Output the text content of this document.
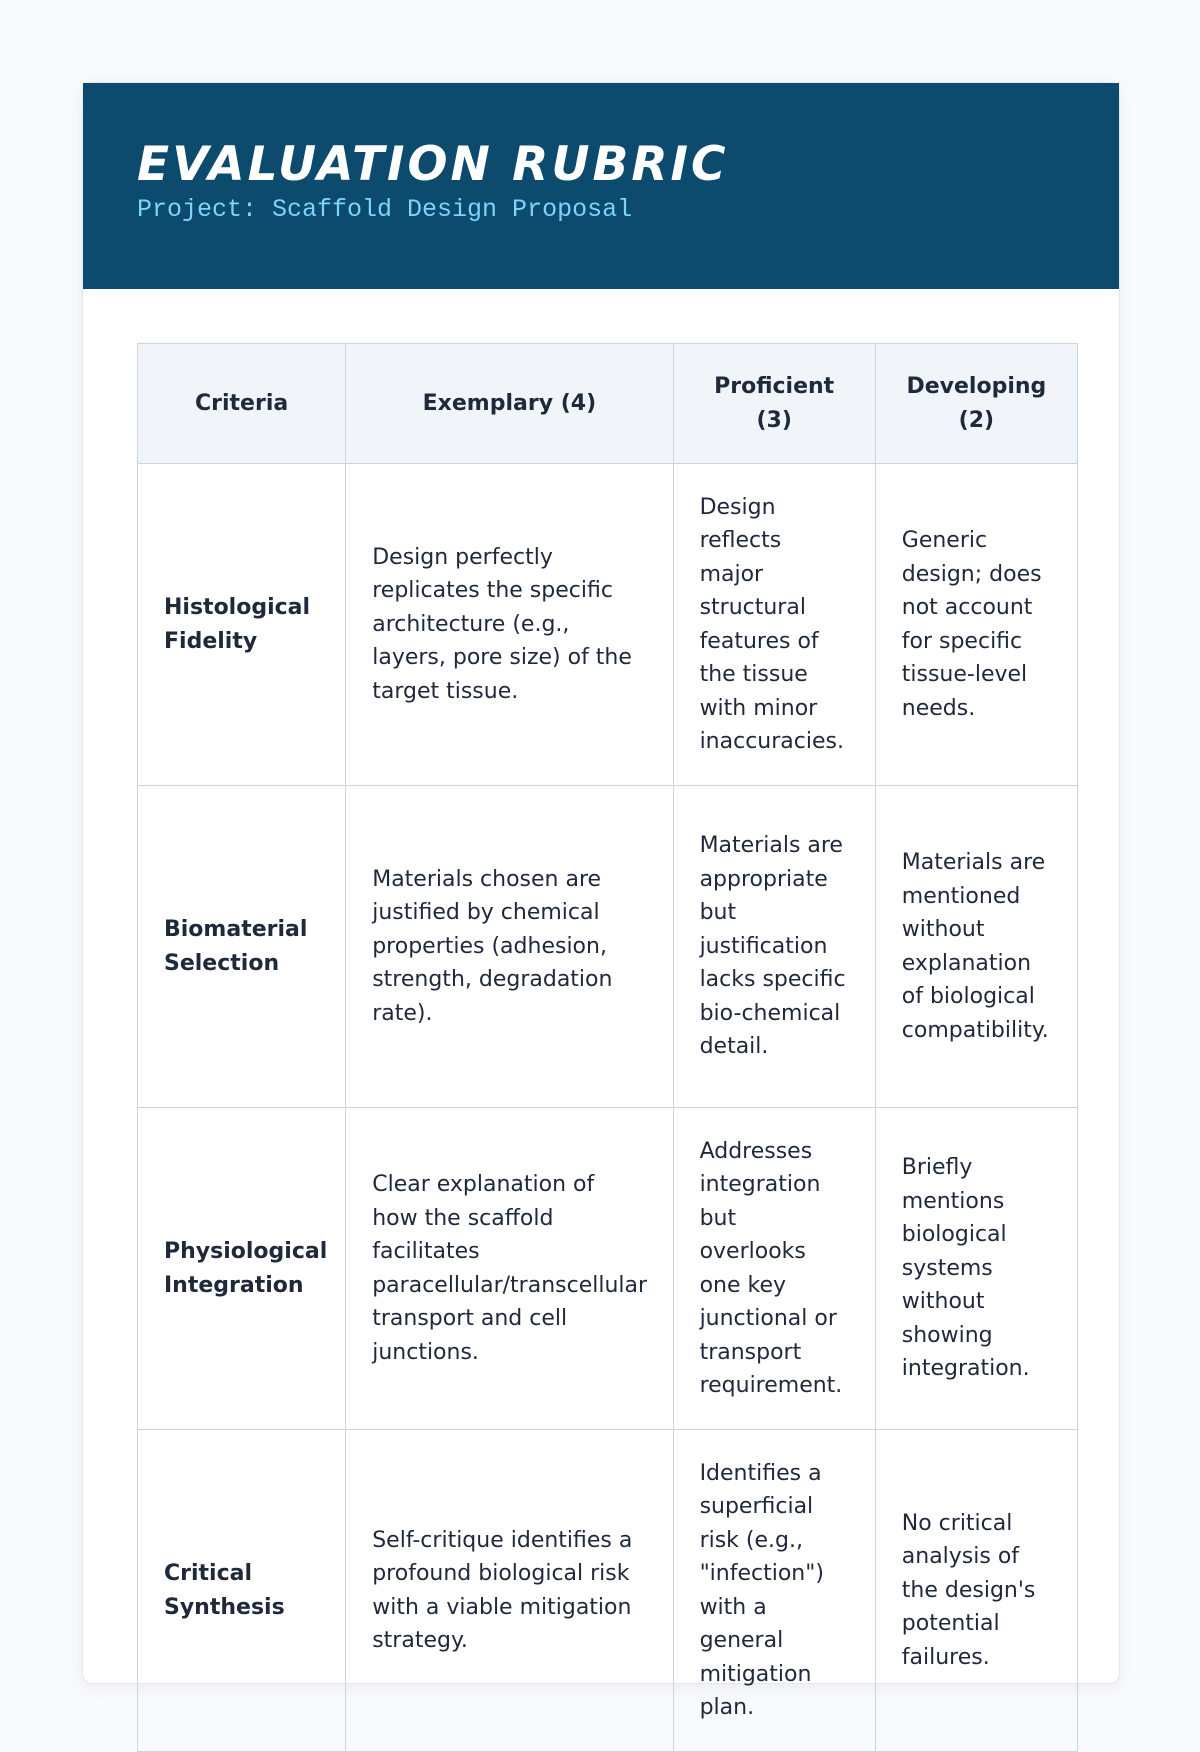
EVALUATION RUBRIC

Project: Scaffold Design Proposal

Criteria	Exemplary (4)	Proficient (3)	Developing (2)
Histological Fidelity	Design perfectly replicates the specific architecture (e.g., layers, pore size) of the target tissue.	Design reflects major structural features of the tissue with minor inaccuracies.	Generic design; does not account for specific tissue-level needs.
Biomaterial Selection	Materials chosen are justified by chemical properties (adhesion, strength, degradation rate).	Materials are appropriate but justification lacks specific bio-chemical detail.	Materials are mentioned without explanation of biological compatibility.
Physiological Integration	Clear explanation of how the scaffold facilitates paracellular/transcellular transport and cell junctions.	Addresses integration but overlooks one key junctional or transport requirement.	Briefly mentions biological systems without showing integration.
Critical Synthesis	Self-critique identifies a profound biological risk with a viable mitigation strategy.	Identifies a superficial risk (e.g., "infection") with a general mitigation plan.	No critical analysis of the design's potential failures.
